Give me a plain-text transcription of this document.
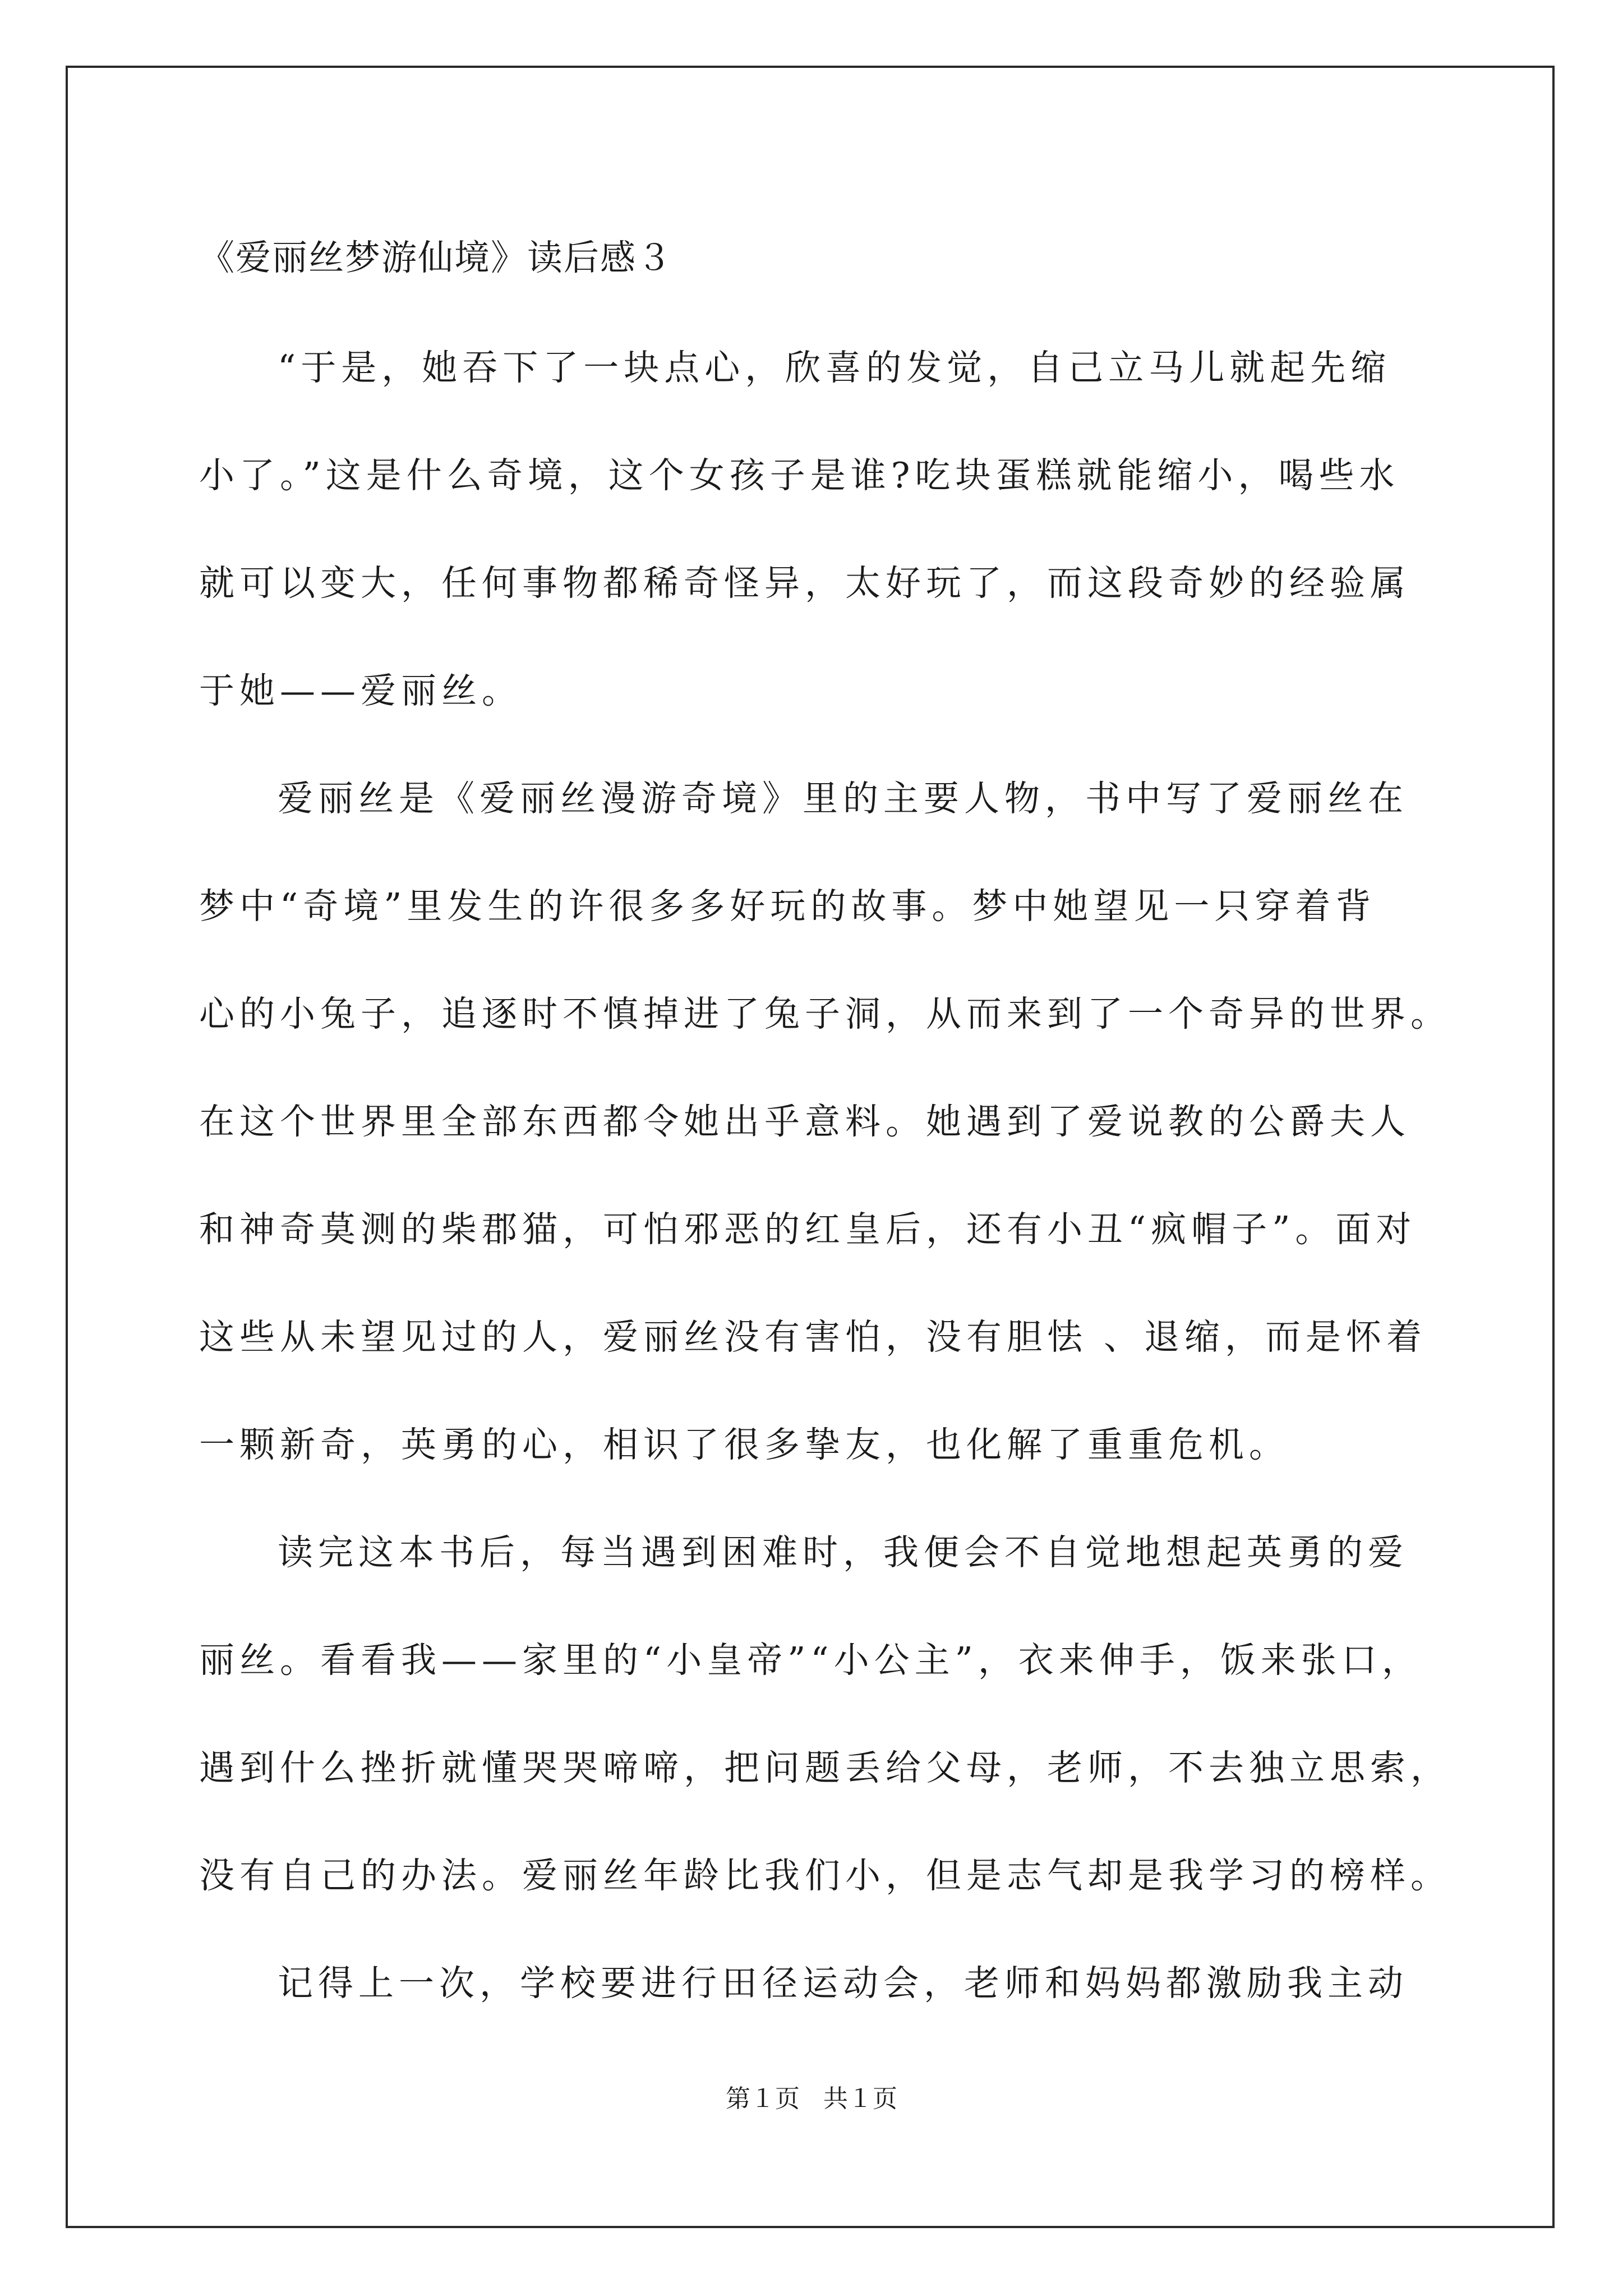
《爱丽丝梦游仙境》读后感３
“于是，她吞下了一块点心，欣喜的发觉，自己立马儿就起先缩
小了。”这是什么奇境，这个女孩子是谁?吃块蛋糕就能缩小，喝些水
就可以变大，任何事物都稀奇怪异，太好玩了，而这段奇妙的经验属
于她——爱丽丝。
爱丽丝是《爱丽丝漫游奇境》里的主要人物，书中写了爱丽丝在
梦中“奇境”里发生的许很多多好玩的故事。梦中她望见一只穿着背
心的小兔子，追逐时不慎掉进了兔子洞，从而来到了一个奇异的世界。
在这个世界里全部东西都令她出乎意料。她遇到了爱说教的公爵夫人
和神奇莫测的柴郡猫，可怕邪恶的红皇后，还有小丑“疯帽子”。面对
这些从未望见过的人，爱丽丝没有害怕，没有胆怯 、退缩，而是怀着
一颗新奇，英勇的心，相识了很多挚友，也化解了重重危机。
读完这本书后，每当遇到困难时，我便会不自觉地想起英勇的爱
丽丝。看看我——家里的“小皇帝”“小公主”，衣来伸手，饭来张口，
遇到什么挫折就懂哭哭啼啼，把问题丢给父母，老师，不去独立思索，
没有自己的办法。爱丽丝年龄比我们小，但是志气却是我学习的榜样。
记得上一次，学校要进行田径运动会，老师和妈妈都激励我主动
第１页   共１页
